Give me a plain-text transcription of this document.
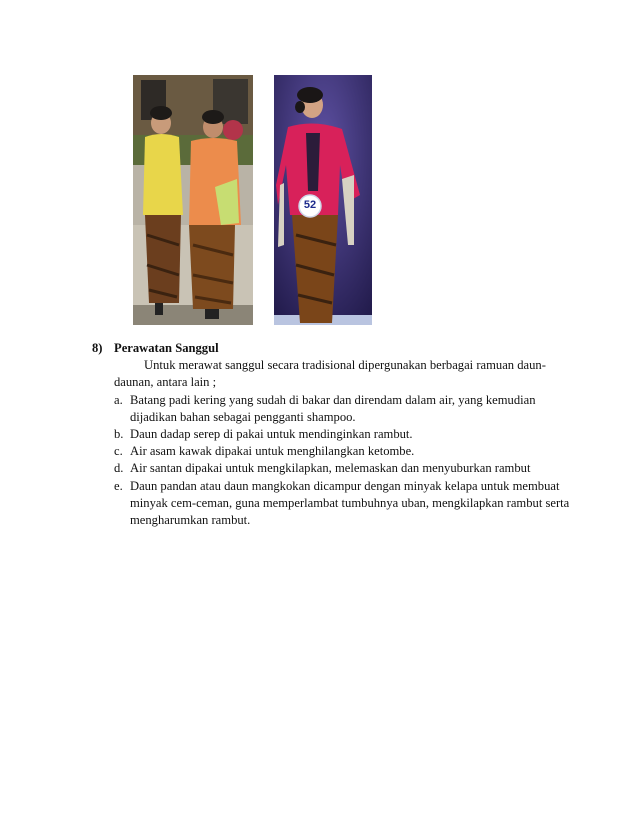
52
8) Perawatan Sanggul
Untuk merawat sanggul secara tradisional dipergunakan berbagai ramuan daun-daunan, antara lain ;
a. Batang padi kering yang sudah di bakar dan direndam dalam air, yang kemudian dijadikan bahan sebagai pengganti shampoo.
b. Daun dadap serep di pakai untuk mendinginkan rambut.
c. Air asam kawak dipakai untuk menghilangkan ketombe.
d. Air santan dipakai untuk mengkilapkan, melemaskan dan menyuburkan rambut
e. Daun pandan atau daun mangkokan dicampur dengan minyak kelapa untuk membuat minyak cem-ceman, guna memperlambat tumbuhnya uban, mengkilapkan rambut serta mengharumkan rambut.
